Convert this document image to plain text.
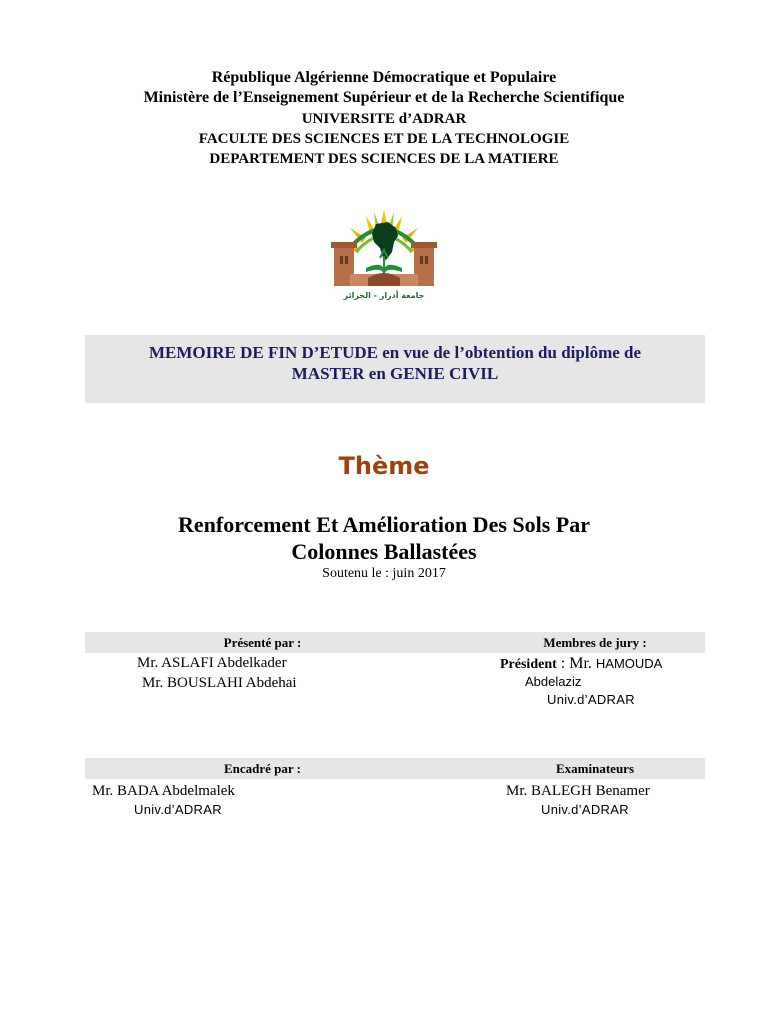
République Algérienne Démocratique et Populaire
Ministère de l’Enseignement Supérieur et de la Recherche Scientifique
UNIVERSITE d’ADRAR
FACULTE DES SCIENCES ET DE LA TECHNOLOGIE
DEPARTEMENT DES SCIENCES DE LA MATIERE
جامعة أدرار - الجزائر
MEMOIRE DE FIN D’ETUDE en vue de l’obtention du diplôme de
MASTER en GENIE CIVIL
Thème
Renforcement Et Amélioration Des Sols Par
Colonnes Ballastées
Soutenu le : juin 2017
Présenté par :	Membres de jury :
Mr. ASLAFI Abdelkader
Mr. BOUSLAHI Abdehai
Président : Mr. HAMOUDA
Abdelaziz
Univ.d’ADRAR
Encadré par :	Examinateurs
Mr. BADA Abdelmalek
Univ.d’ADRAR
Mr. BALEGH Benamer
Univ.d’ADRAR
